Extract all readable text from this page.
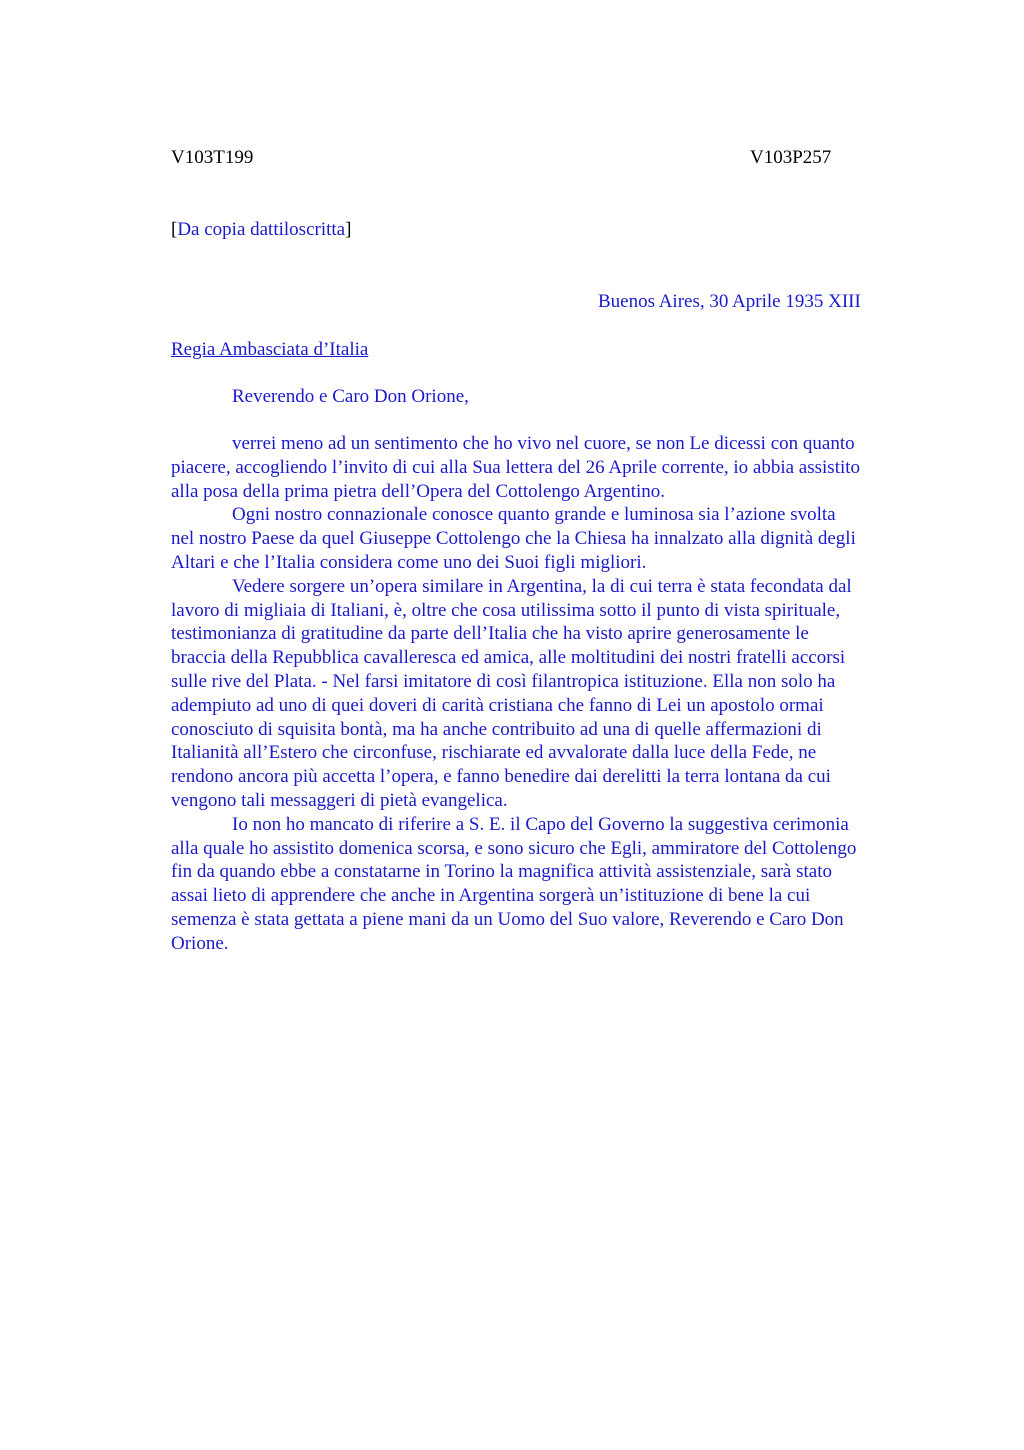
V103T199	V103P257
[Da copia dattiloscritta]
Buenos Aires, 30 Aprile 1935 XIII
Regia Ambasciata d’Italia
Reverendo e Caro Don Orione,
verrei meno ad un sentimento che ho vivo nel cuore, se non Le dicessi con quanto
piacere, accogliendo l’invito di cui alla Sua lettera del 26 Aprile corrente, io abbia assistito
alla posa della prima pietra dell’Opera del Cottolengo Argentino.
Ogni nostro connazionale conosce quanto grande e luminosa sia l’azione svolta
nel nostro Paese da quel Giuseppe Cottolengo che la Chiesa ha innalzato alla dignità degli
Altari e che l’Italia considera come uno dei Suoi figli migliori.
Vedere sorgere un’opera similare in Argentina, la di cui terra è stata fecondata dal
lavoro di migliaia di Italiani, è, oltre che cosa utilissima sotto il punto di vista spirituale,
testimonianza di gratitudine da parte dell’Italia che ha visto aprire generosamente le
braccia della Repubblica cavalleresca ed amica, alle moltitudini dei nostri fratelli accorsi
sulle rive del Plata. - Nel farsi imitatore di così filantropica istituzione. Ella non solo ha
adempiuto ad uno di quei doveri di carità cristiana che fanno di Lei un apostolo ormai
conosciuto di squisita bontà, ma ha anche contribuito ad una di quelle affermazioni di
Italianità all’Estero che circonfuse, rischiarate ed avvalorate dalla luce della Fede, ne
rendono ancora più accetta l’opera, e fanno benedire dai derelitti la terra lontana da cui
vengono tali messaggeri di pietà evangelica.
Io non ho mancato di riferire a S. E. il Capo del Governo la suggestiva cerimonia
alla quale ho assistito domenica scorsa, e sono sicuro che Egli, ammiratore del Cottolengo
fin da quando ebbe a constatarne in Torino la magnifica attività assistenziale, sarà stato
assai lieto di apprendere che anche in Argentina sorgerà un’istituzione di bene la cui
semenza è stata gettata a piene mani da un Uomo del Suo valore, Reverendo e Caro Don
Orione.
